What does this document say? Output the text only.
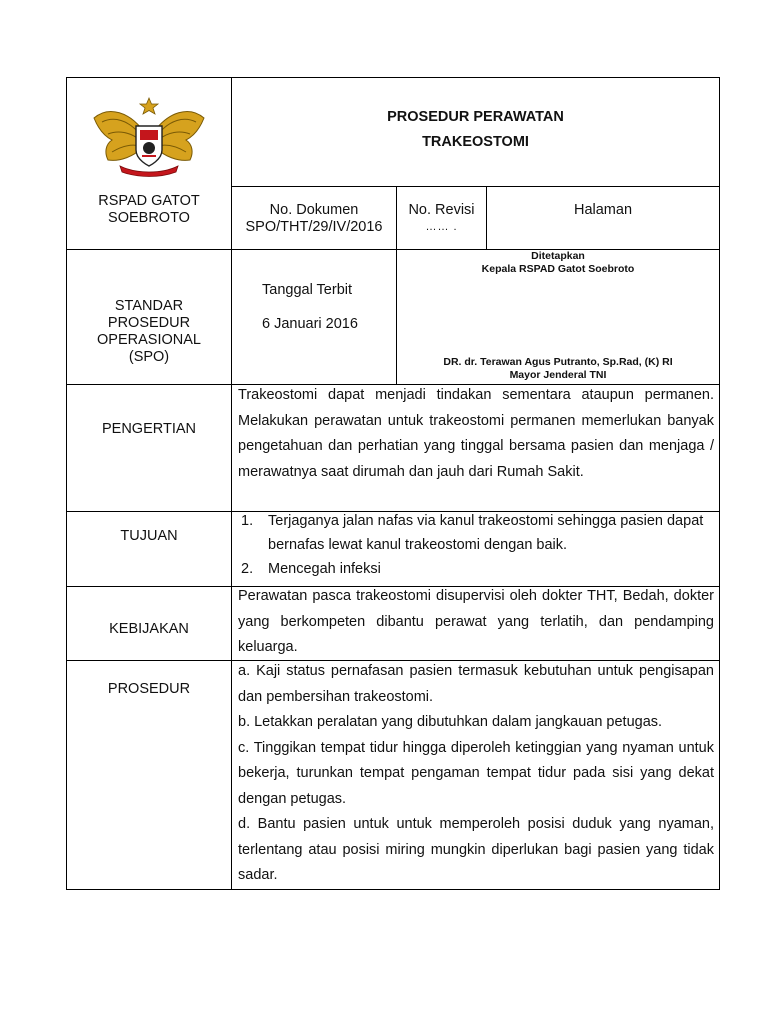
RSPAD GATOT
SOEBROTO
PROSEDUR PERAWATAN
TRAKEOSTOMI
No. Dokumen
SPO/THT/29/IV/2016
No. Revisi
…… .
Halaman
STANDAR
PROSEDUR
OPERASIONAL
(SPO)
Tanggal Terbit
6 Januari 2016
Ditetapkan
Kepala RSPAD Gatot Soebroto
DR. dr. Terawan Agus Putranto, Sp.Rad, (K) RI
Mayor Jenderal TNI
PENGERTIAN
Trakeostomi dapat menjadi tindakan sementara ataupun permanen. Melakukan perawatan untuk trakeostomi permanen memerlukan banyak pengetahuan dan perhatian yang tinggal bersama pasien dan menjaga / merawatnya saat dirumah dan jauh dari Rumah Sakit.
TUJUAN
1. Terjaganya jalan nafas via kanul trakeostomi sehingga pasien dapat bernafas lewat kanul trakeostomi dengan baik.
2. Mencegah infeksi
KEBIJAKAN
Perawatan pasca trakeostomi disupervisi oleh dokter THT, Bedah, dokter yang berkompeten dibantu perawat yang terlatih, dan pendamping keluarga.
PROSEDUR

a. Kaji status pernafasan pasien termasuk kebutuhan untuk pengisapan dan pembersihan trakeostomi.

b. Letakkan peralatan yang dibutuhkan dalam jangkauan petugas.

c. Tinggikan tempat tidur hingga diperoleh ketinggian yang nyaman untuk bekerja, turunkan tempat pengaman tempat tidur pada sisi yang dekat dengan petugas.

d. Bantu pasien untuk untuk memperoleh posisi duduk yang nyaman, terlentang atau posisi miring mungkin diperlukan bagi pasien yang tidak sadar.
